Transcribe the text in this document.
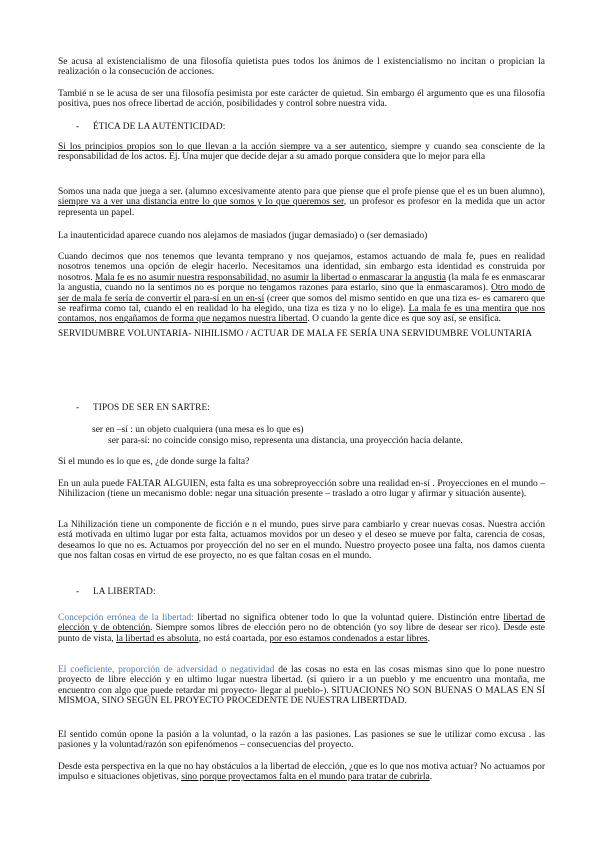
Se acusa al existencialismo de una filosofía quietista pues todos los ánimos de l existencialismo no incitan o propician la realización o la consecución de acciones.

Tambié n se le acusa de ser una filosofía pesimista por este carácter de quietud. Sin embargo él argumento que es una filosofía positiva, pues nos ofrece libertad de acción, posibilidades y control sobre nuestra vida.

- ÉTICA DE LA AUTENTICIDAD:

Si los principios propios son lo que llevan a la acción siempre va a ser autentico, siempre y cuando sea consciente de la responsabilidad de los actos. Ej. Una mujer que decide dejar a su amado porque considera que lo mejor para ella

Somos una nada que juega a ser. (alumno excesivamente atento para que piense que el profe piense que el es un buen alumno), siempre va a ver una distancia entre lo que somos y lo que queremos ser, un profesor es profesor en la medida que un actor representa un papel.

La inautenticidad aparece cuando nos alejamos de masiados (jugar demasiado) o (ser demasiado)

Cuando decimos que nos tenemos que levanta temprano y nos quejamos, estamos actuando de mala fe, pues en realidad nosotros tenemos una opción de elegir hacerlo. Necesitamos una identidad, sin embargo esta identidad es construida por nosotros. Mala fe es no asumir nuestra responsabilidad, no asumir la libertad o enmascarar la angustia (la mala fe es enmascarar la angustia, cuando no la sentimos no es porque no tengamos razones para estarlo, sino que la enmascaramos). Otro modo de ser de mala fe sería de convertir el para-sí en un en-sí (creer que somos del mismo sentido en que una tiza es- es camarero que se reafirma como tal, cuando el en realidad lo ha elegido, una tiza es tiza y no lo elige). La mala fe es una mentira que nos contamos, nos engañamos de forma que negamos nuestra libertad. O cuando la gente dice es que soy así, se ensifica.

SERVIDUMBRE VOLUNTARIA- NIHILISMO / ACTUAR DE MALA FE SERÍA UNA SERVIDUMBRE VOLUNTARIA

- TIPOS DE SER EN SARTRE:

ser en –sí : un objeto cualquiera (una mesa es lo que es)

ser para-sí: no coincide consigo miso, representa una distancia, una proyección hacia delante.

Si el mundo es lo que es, ¿de donde surge la falta?

En un aula puede FALTAR ALGUIEN, esta falta es una sobreproyección sobre una realidad en-sí . Proyecciones en el mundo – Nihilizacion (tiene un mecanismo doble: negar una situación presente – traslado a otro lugar y afirmar y situación ausente).

La Nihilización tiene un componente de ficción e n el mundo, pues sirve para cambiarlo y crear nuevas cosas. Nuestra acción está motivada en ultimo lugar por esta falta, actuamos movidos por un deseo y el deseo se mueve por falta, carencia de cosas, deseamos lo que no es. Actuamos por proyección del no ser en el mundo. Nuestro proyecto posee una falta, nos damos cuenta que nos faltan cosas en virtud de ese proyecto, no es que faltan cosas en el mundo.

- LA LIBERTAD:

Concepción errónea de la libertad: libertad no significa obtener todo lo que la voluntad quiere. Distinción entre libertad de elección y de obtención. Siempre somos libres de elección pero no de obtención (yo soy libre de desear ser rico). Desde este punto de vista, la libertad es absoluta, no está coartada, por eso estamos condenados a estar libres.

El coeficiente, proporción de adversidad o negatividad de las cosas no esta en las cosas mismas sino que lo pone nuestro proyecto de libre elección y en ultimo lugar nuestra libertad. (si quiero ir a un pueblo y me encuentro una montaña, me encuentro con algo que puede retardar mi proyecto- llegar al pueblo-). SITUACIONES NO SON BUENAS O MALAS EN SÍ MISMOA, SINO SEGÚN EL PROYECTO PROCEDENTE DE NUESTRA LIBERTDAD.

El sentido común opone la pasión a la voluntad, o la razón a las pasiones. Las pasiones se sue le utilizar como excusa . las pasiones y la voluntad/razón son epifenómenos – consecuencias del proyecto.

Desde esta perspectiva en la que no hay obstáculos a la libertad de elección, ¿que es lo que nos motiva actuar? No actuamos por impulso e situaciones objetivas, sino porque proyectamos falta en el mundo para tratar de cubrirla.
